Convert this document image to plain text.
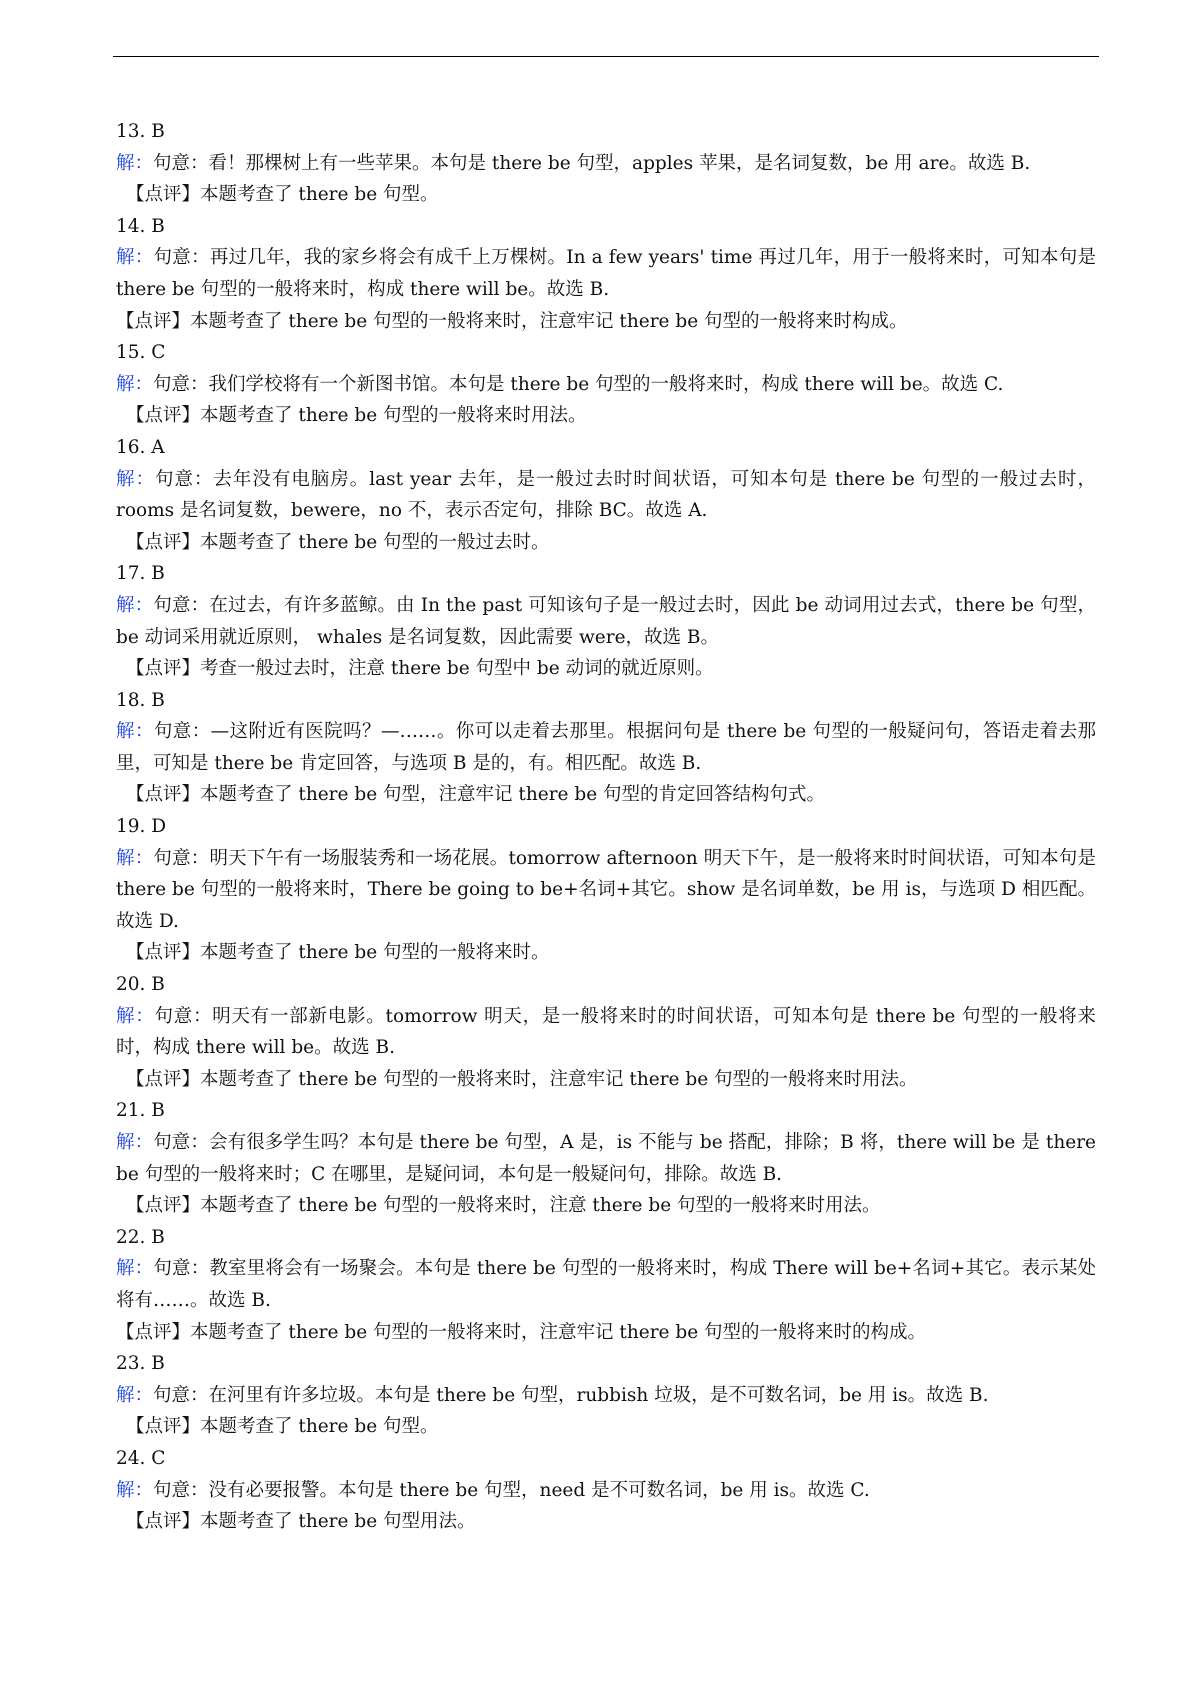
13. B

解：句意：看！那棵树上有一些苹果。本句是 there be 句型，apples 苹果，是名词复数，be 用 are。故选 B.

【点评】本题考查了 there be 句型。

14. B

解：句意：再过几年，我的家乡将会有成千上万棵树。In a few years' time 再过几年，用于一般将来时，可知本句是 there be 句型的一般将来时，构成 there will be。故选 B.

【点评】本题考查了 there be 句型的一般将来时，注意牢记 there be 句型的一般将来时构成。

15. C

解：句意：我们学校将有一个新图书馆。本句是 there be 句型的一般将来时，构成 there will be。故选 C.

【点评】本题考查了 there be 句型的一般将来时用法。

16. A

解：句意：去年没有电脑房。last year 去年，是一般过去时时间状语，可知本句是 there be 句型的一般过去时，rooms 是名词复数，bewere，no 不，表示否定句，排除 BC。故选 A.

【点评】本题考查了 there be 句型的一般过去时。

17. B

解：句意：在过去，有许多蓝鲸。由 In the past 可知该句子是一般过去时，因此 be 动词用过去式，there be 句型，be 动词采用就近原则， whales 是名词复数，因此需要 were，故选 B。

【点评】考查一般过去时，注意 there be 句型中 be 动词的就近原则。

18. B

解：句意：—这附近有医院吗？—……。你可以走着去那里。根据问句是 there be 句型的一般疑问句，答语走着去那里，可知是 there be 肯定回答，与选项 B 是的，有。相匹配。故选 B.

【点评】本题考查了 there be 句型，注意牢记 there be 句型的肯定回答结构句式。

19. D

解：句意：明天下午有一场服装秀和一场花展。tomorrow afternoon 明天下午，是一般将来时时间状语，可知本句是 there be 句型的一般将来时，There be going to be+名词+其它。show 是名词单数，be 用 is，与选项 D 相匹配。故选 D.

【点评】本题考查了 there be 句型的一般将来时。

20. B

解：句意：明天有一部新电影。tomorrow 明天，是一般将来时的时间状语，可知本句是 there be 句型的一般将来时，构成 there will be。故选 B.

【点评】本题考查了 there be 句型的一般将来时，注意牢记 there be 句型的一般将来时用法。

21. B

解：句意：会有很多学生吗？本句是 there be 句型，A 是，is 不能与 be 搭配，排除；B 将，there will be 是 there be 句型的一般将来时；C 在哪里，是疑问词，本句是一般疑问句，排除。故选 B.

【点评】本题考查了 there be 句型的一般将来时，注意 there be 句型的一般将来时用法。

22. B

解：句意：教室里将会有一场聚会。本句是 there be 句型的一般将来时，构成 There will be+名词+其它。表示某处将有……。故选 B.

【点评】本题考查了 there be 句型的一般将来时，注意牢记 there be 句型的一般将来时的构成。

23. B

解：句意：在河里有许多垃圾。本句是 there be 句型，rubbish 垃圾，是不可数名词，be 用 is。故选 B.

【点评】本题考查了 there be 句型。

24. C

解：句意：没有必要报警。本句是 there be 句型，need 是不可数名词，be 用 is。故选 C.

【点评】本题考查了 there be 句型用法。
